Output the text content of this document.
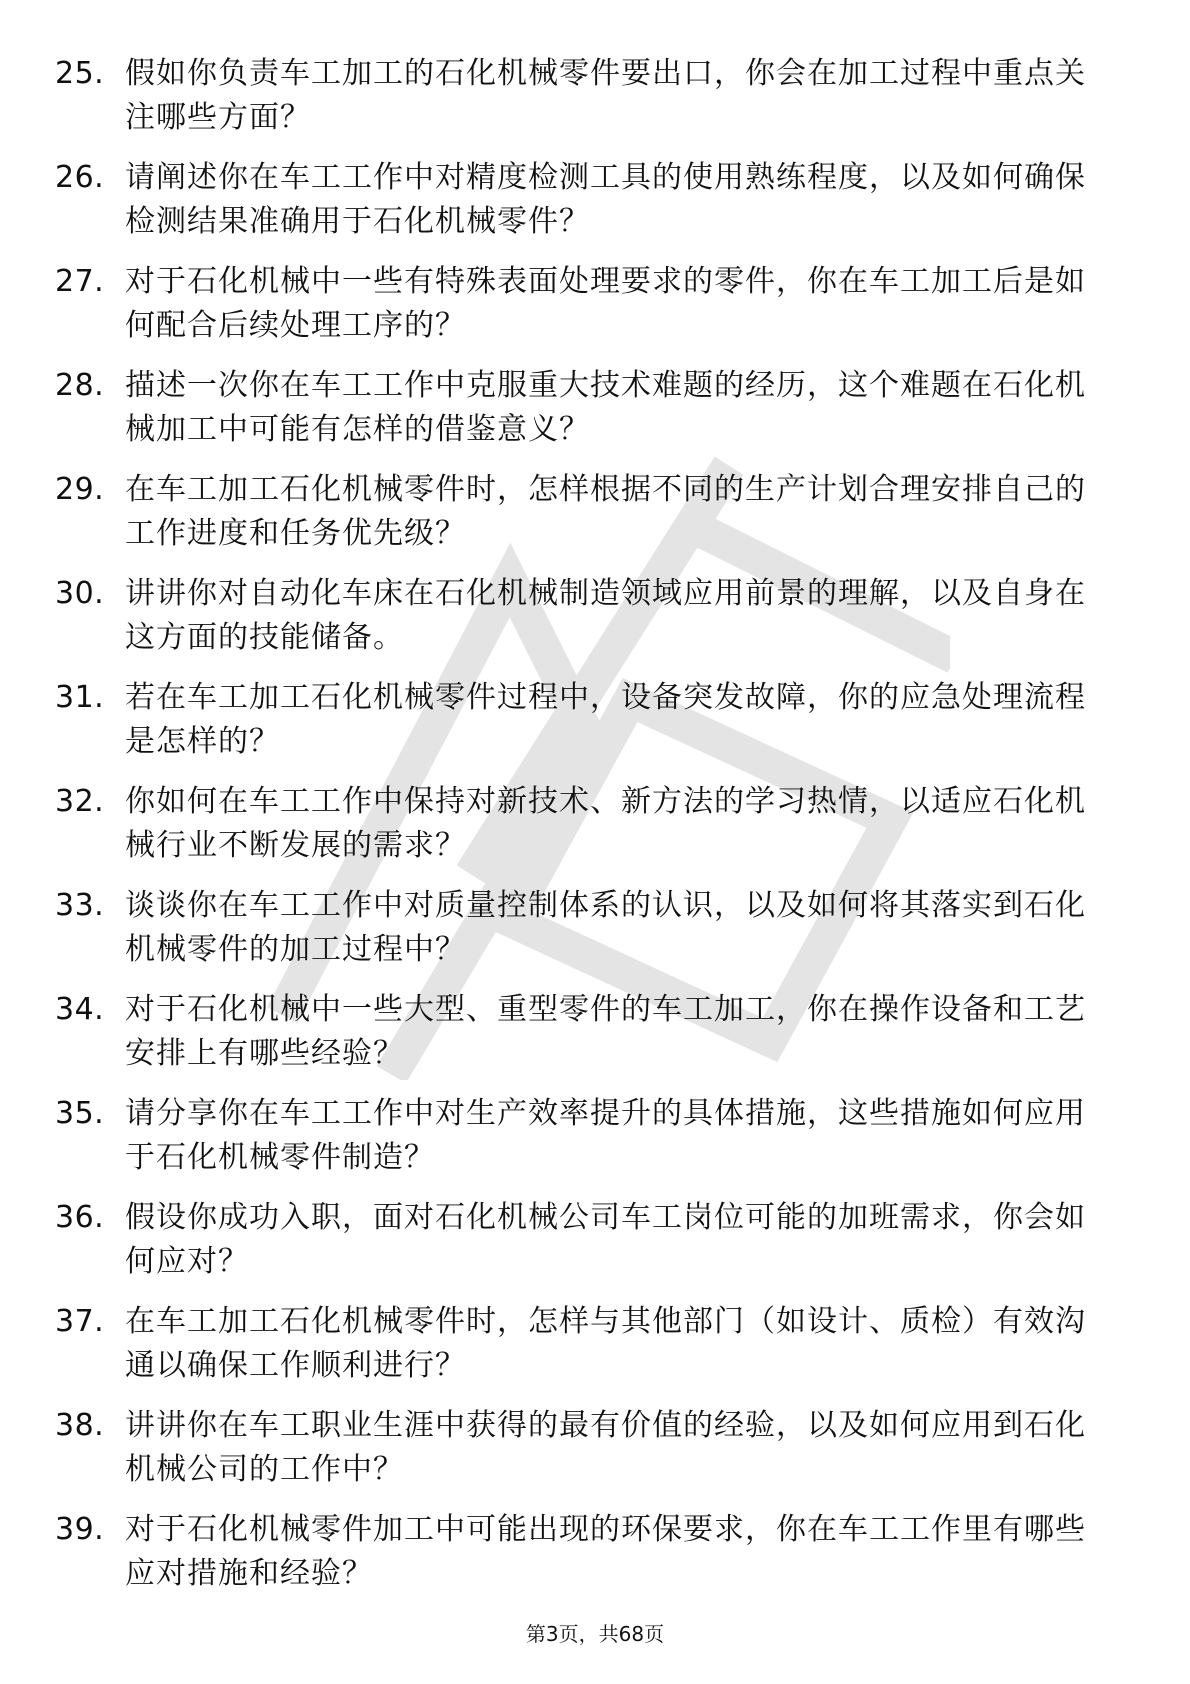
25. 假如你负责车工加工的石化机械零件要出口，你会在加工过程中重点关注哪些方面？
26. 请阐述你在车工工作中对精度检测工具的使用熟练程度，以及如何确保检测结果准确用于石化机械零件？
27. 对于石化机械中一些有特殊表面处理要求的零件，你在车工加工后是如何配合后续处理工序的？
28. 描述一次你在车工工作中克服重大技术难题的经历，这个难题在石化机械加工中可能有怎样的借鉴意义？
29. 在车工加工石化机械零件时，怎样根据不同的生产计划合理安排自己的工作进度和任务优先级？
30. 讲讲你对自动化车床在石化机械制造领域应用前景的理解，以及自身在这方面的技能储备。
31. 若在车工加工石化机械零件过程中，设备突发故障，你的应急处理流程是怎样的？
32. 你如何在车工工作中保持对新技术、新方法的学习热情，以适应石化机械行业不断发展的需求？
33. 谈谈你在车工工作中对质量控制体系的认识，以及如何将其落实到石化机械零件的加工过程中？
34. 对于石化机械中一些大型、重型零件的车工加工，你在操作设备和工艺安排上有哪些经验？
35. 请分享你在车工工作中对生产效率提升的具体措施，这些措施如何应用于石化机械零件制造？
36. 假设你成功入职，面对石化机械公司车工岗位可能的加班需求，你会如何应对？
37. 在车工加工石化机械零件时，怎样与其他部门（如设计、质检）有效沟通以确保工作顺利进行？
38. 讲讲你在车工职业生涯中获得的最有价值的经验，以及如何应用到石化机械公司的工作中？
39. 对于石化机械零件加工中可能出现的环保要求，你在车工工作里有哪些应对措施和经验？
第3页，共68页
